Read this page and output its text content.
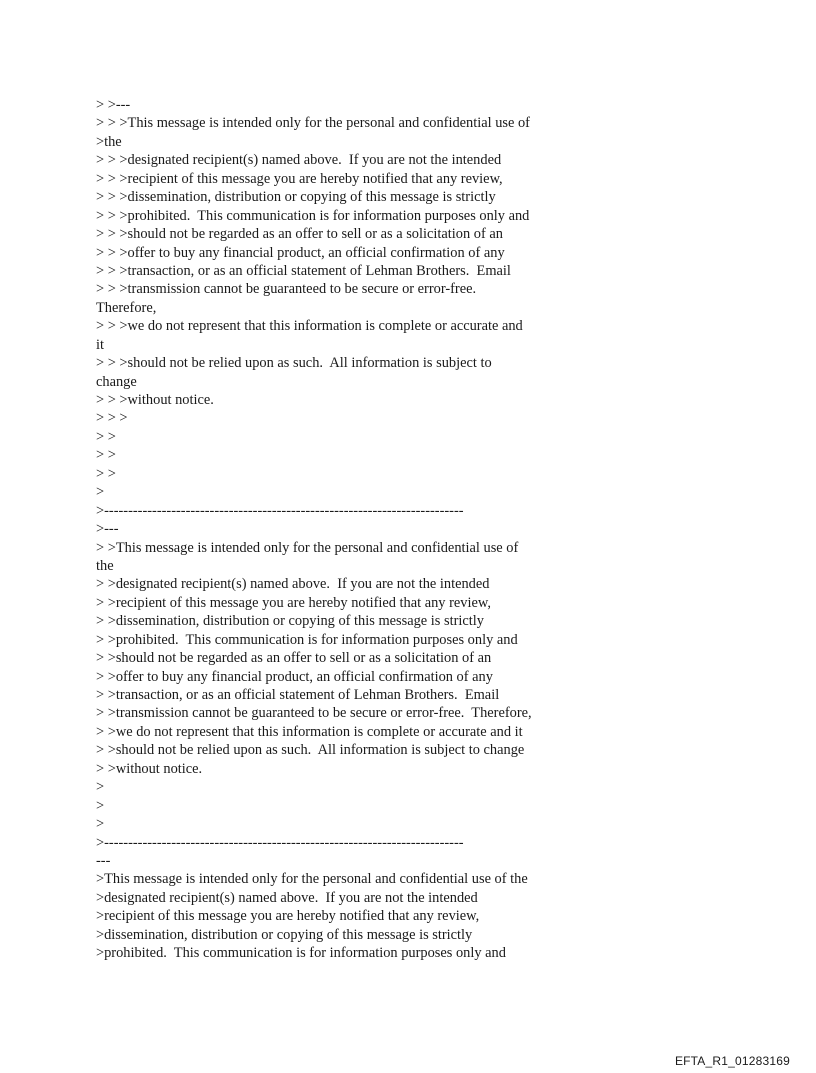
> >---

> > >This message is intended only for the personal and confidential use of

>the

> > >designated recipient(s) named above.  If you are not the intended

> > >recipient of this message you are hereby notified that any review,

> > >dissemination, distribution or copying of this message is strictly

> > >prohibited.  This communication is for information purposes only and

> > >should not be regarded as an offer to sell or as a solicitation of an

> > >offer to buy any financial product, an official confirmation of any

> > >transaction, or as an official statement of Lehman Brothers.  Email

> > >transmission cannot be guaranteed to be secure or error-free.

Therefore,

> > >we do not represent that this information is complete or accurate and

it

> > >should not be relied upon as such.  All information is subject to

change

> > >without notice.

> > >

> >

> >

> >

>

>---------------------------------------------------------------------------

>---

> >This message is intended only for the personal and confidential use of

the

> >designated recipient(s) named above.  If you are not the intended

> >recipient of this message you are hereby notified that any review,

> >dissemination, distribution or copying of this message is strictly

> >prohibited.  This communication is for information purposes only and

> >should not be regarded as an offer to sell or as a solicitation of an

> >offer to buy any financial product, an official confirmation of any

> >transaction, or as an official statement of Lehman Brothers.  Email

> >transmission cannot be guaranteed to be secure or error-free.  Therefore,

> >we do not represent that this information is complete or accurate and it

> >should not be relied upon as such.  All information is subject to change

> >without notice.

>

>

>

>---------------------------------------------------------------------------

---

>This message is intended only for the personal and confidential use of the

>designated recipient(s) named above.  If you are not the intended

>recipient of this message you are hereby notified that any review,

>dissemination, distribution or copying of this message is strictly

>prohibited.  This communication is for information purposes only and

EFTA_R1_01283169
